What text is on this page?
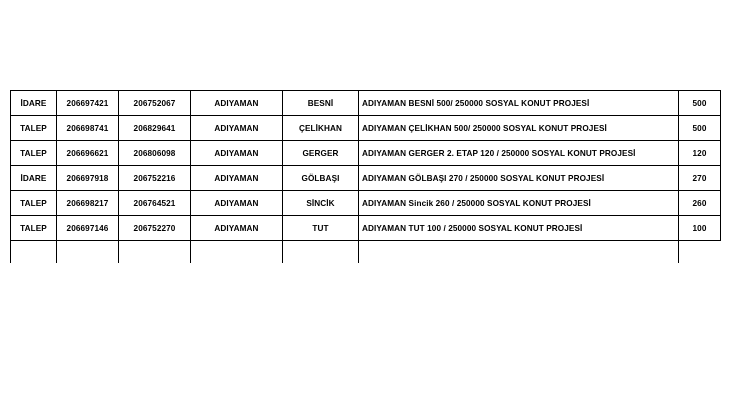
İDARE	206697421	206752067	ADIYAMAN	BESNİ	ADIYAMAN BESNİ 500/ 250000 SOSYAL KONUT PROJESİ	500
TALEP	206698741	206829641	ADIYAMAN	ÇELİKHAN	ADIYAMAN ÇELİKHAN 500/ 250000 SOSYAL KONUT PROJESİ	500
TALEP	206696621	206806098	ADIYAMAN	GERGER	ADIYAMAN GERGER 2. ETAP 120 / 250000 SOSYAL KONUT PROJESİ	120
İDARE	206697918	206752216	ADIYAMAN	GÖLBAŞI	ADIYAMAN GÖLBAŞI 270 / 250000 SOSYAL KONUT PROJESİ	270
TALEP	206698217	206764521	ADIYAMAN	SİNCİK	ADIYAMAN Sincik 260 / 250000 SOSYAL KONUT PROJESİ	260
TALEP	206697146	206752270	ADIYAMAN	TUT	ADIYAMAN TUT 100 / 250000 SOSYAL KONUT PROJESİ	100
